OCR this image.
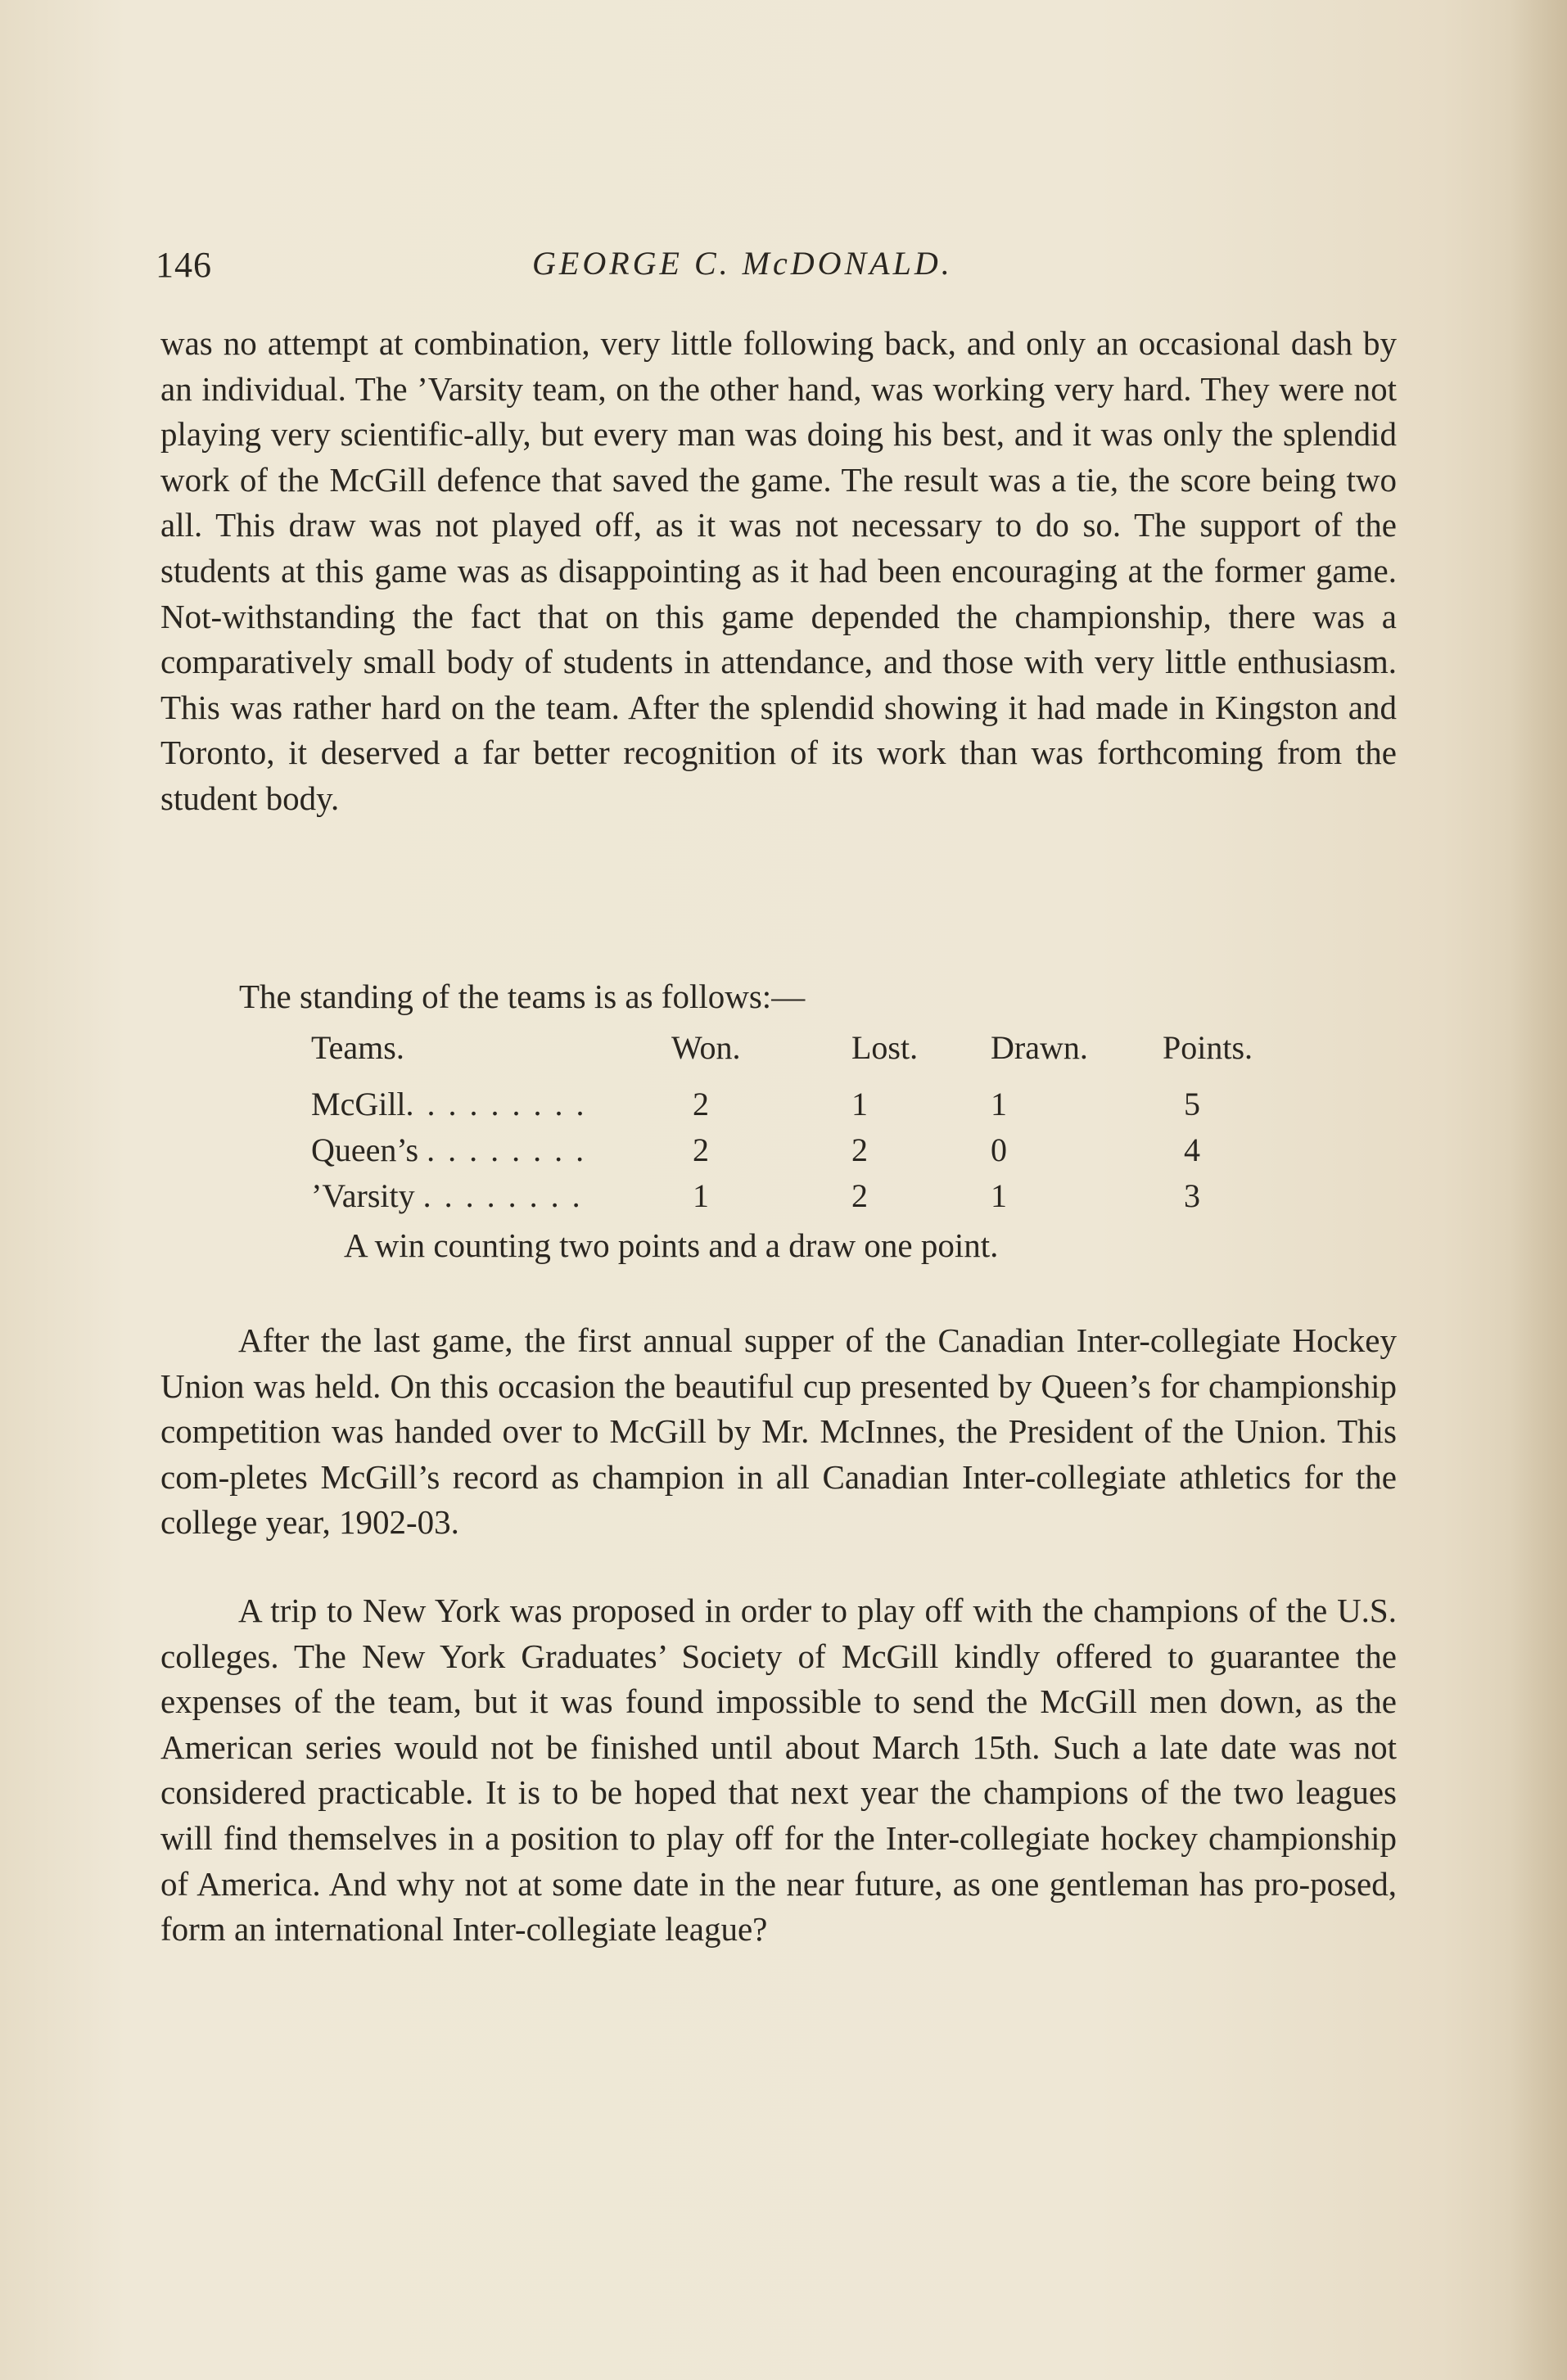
146	GEORGE C. McDONALD.

was no attempt at combination, very little following back, and only an occasional dash by an individual. The ’Varsity team, on the other hand, was working very hard. They were not playing very scientific-ally, but every man was doing his best, and it was only the splendid work of the McGill defence that saved the game. The result was a tie, the score being two all. This draw was not played off, as it was not necessary to do so. The support of the students at this game was as disappointing as it had been encouraging at the former game. Not-withstanding the fact that on this game depended the championship, there was a comparatively small body of students in attendance, and those with very little enthusiasm. This was rather hard on the team. After the splendid showing it had made in Kingston and Toronto, it deserved a far better recognition of its work than was forthcoming from the student body.

The standing of the teams is as follows:—
Teams.	Won.	Lost.	Drawn.	Points.
McGill. . . . . . . . .	2	1	1	5
Queen’s . . . . . . . .	2	2	0	4
’Varsity . . . . . . . .	1	2	1	3
A win counting two points and a draw one point.

After the last game, the first annual supper of the Canadian Inter-collegiate Hockey Union was held. On this occasion the beautiful cup presented by Queen’s for championship competition was handed over to McGill by Mr. McInnes, the President of the Union. This com-pletes McGill’s record as champion in all Canadian Inter-collegiate athletics for the college year, 1902-03.

A trip to New York was proposed in order to play off with the champions of the U.S. colleges. The New York Graduates’ Society of McGill kindly offered to guarantee the expenses of the team, but it was found impossible to send the McGill men down, as the American series would not be finished until about March 15th. Such a late date was not considered practicable. It is to be hoped that next year the champions of the two leagues will find themselves in a position to play off for the Inter-collegiate hockey championship of America. And why not at some date in the near future, as one gentleman has pro-posed, form an international Inter-collegiate league?
